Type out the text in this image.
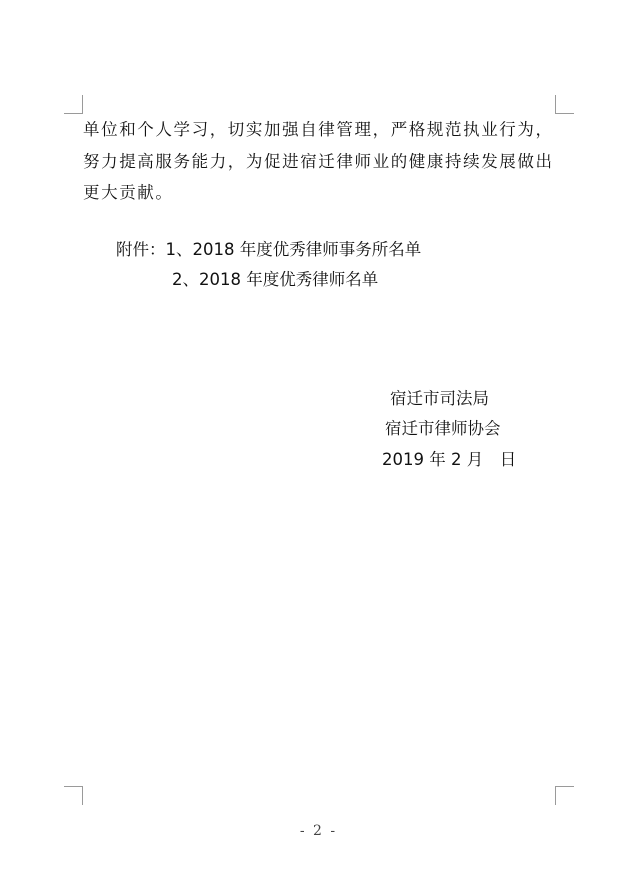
单位和个人学习，切实加强自律管理，严格规范执业行为，
努力提高服务能力，为促进宿迁律师业的健康持续发展做出
更大贡献。
附件：1、2018 年度优秀律师事务所名单
2、2018 年度优秀律师名单
宿迁市司法局
宿迁市律师协会
2019 年 2 月　日
- 2 -
